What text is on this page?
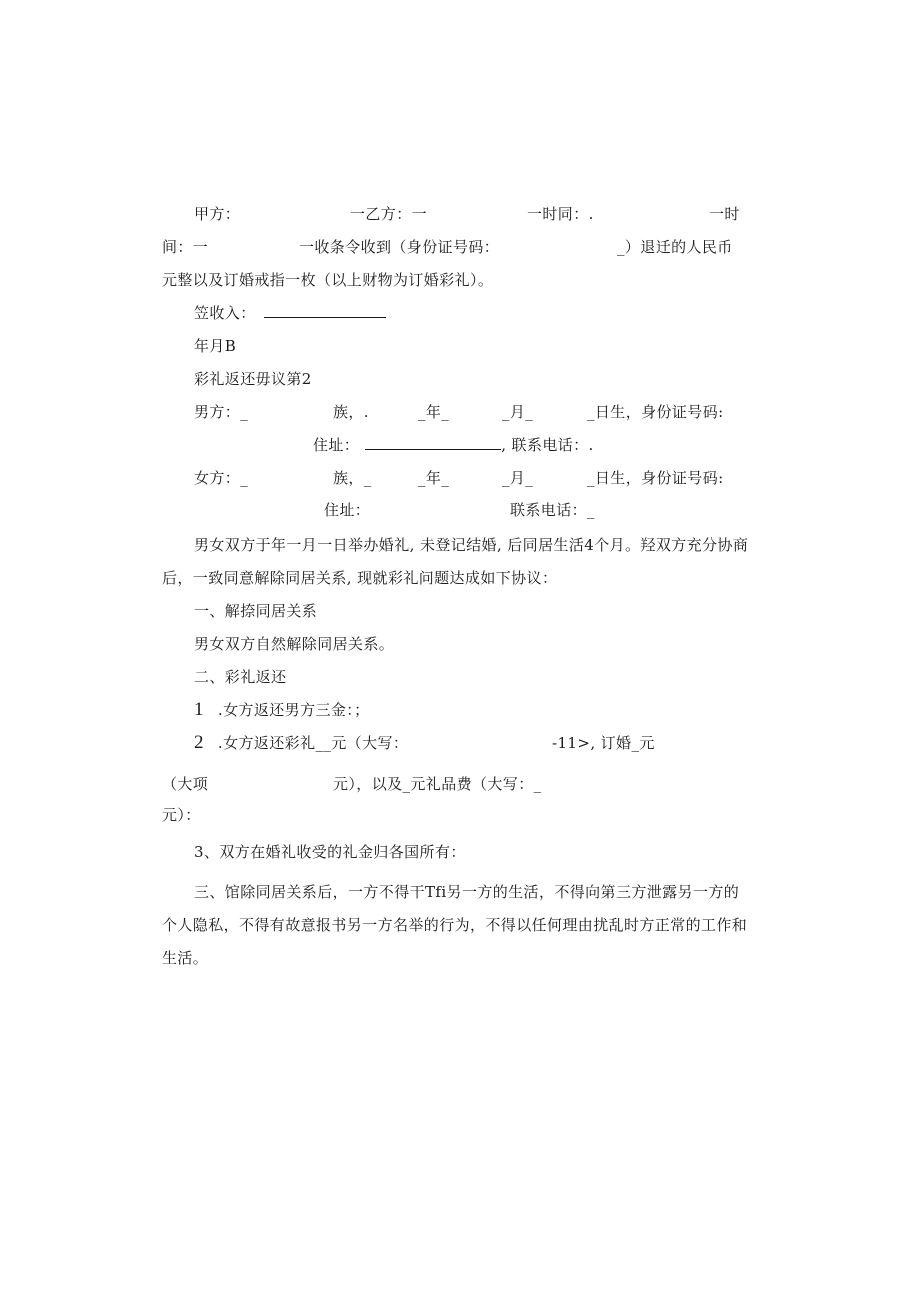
甲方：	一乙方：一	一时同：.	一时
间：一	一收条令收到（身份证号码：	_）退迁的人民币
元整以及订婚戒指一枚（以上财物为订婚彩礼）。
笠收入：
年月B
彩礼返还毋议第2
男方：_	族，.	_年_	_月_	_日生，身份证号码:
住址：	, 联系电话：.
女方：_	族，_	_年_	_月_	_日生，身份证号码:
住址：	联系电话：_
男女双方于年一月一日举办婚礼, 未登记结婚, 后同居生活4个月。羟双方充分协商
后，一致同意解除同居关系, 现就彩礼问题达成如下协议：
一、解捺同居关系
男女双方自然解除同居关系。
二、彩礼返还
1 .女方返还男方三金：；
2 .女方返还彩礼__元（大写：	-11>, 订婚_元
（大项	元），以及_元礼品费（大写：_
元）：
3、双方在婚礼收受的礼金归各国所有：
三、馆除同居关系后，一方不得干Tfi另一方的生活，不得向第三方泄露另一方的
个人隐私，不得有故意报书另一方名举的行为，不得以任何理由扰乱时方正常的工作和
生活。
